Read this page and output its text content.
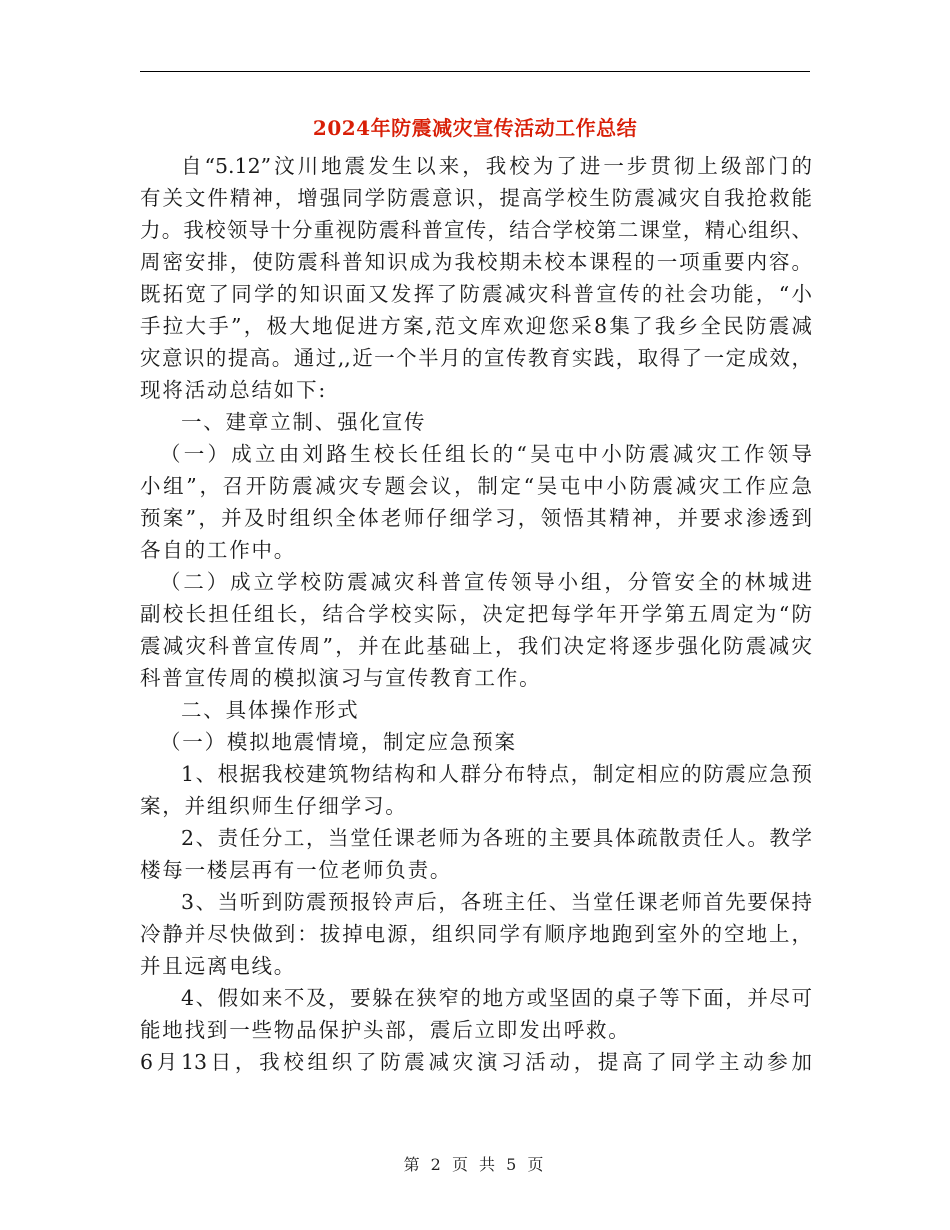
2024年防震减灾宣传活动工作总结
自“5.12”汶川地震发生以来，我校为了进一步贯彻上级部门的
有关文件精神，增强同学防震意识，提高学校生防震减灾自我抢救能
力。我校领导十分重视防震科普宣传，结合学校第二课堂，精心组织、
周密安排，使防震科普知识成为我校期未校本课程的一项重要内容。
既拓宽了同学的知识面又发挥了防震减灾科普宣传的社会功能，“小
手拉大手”，极大地促进方案,范文库欢迎您采8集了我乡全民防震减
灾意识的提高。通过,,近一个半月的宣传教育实践，取得了一定成效，
现将活动总结如下:
一、建章立制、强化宣传
（一）成立由刘路生校长任组长的“吴屯中小防震减灾工作领导
小组”，召开防震减灾专题会议，制定“吴屯中小防震减灾工作应急
预案”，并及时组织全体老师仔细学习，领悟其精神，并要求渗透到
各自的工作中。
（二）成立学校防震减灾科普宣传领导小组，分管安全的林城进
副校长担任组长，结合学校实际，决定把每学年开学第五周定为“防
震减灾科普宣传周”，并在此基础上，我们决定将逐步强化防震减灾
科普宣传周的模拟演习与宣传教育工作。
二、具体操作形式
（一）模拟地震情境，制定应急预案
1、根据我校建筑物结构和人群分布特点，制定相应的防震应急预
案，并组织师生仔细学习。
2、责任分工，当堂任课老师为各班的主要具体疏散责任人。教学
楼每一楼层再有一位老师负责。
3、当听到防震预报铃声后，各班主任、当堂任课老师首先要保持
冷静并尽快做到：拔掉电源，组织同学有顺序地跑到室外的空地上，
并且远离电线。
4、假如来不及，要躲在狭窄的地方或坚固的桌子等下面，并尽可
能地找到一些物品保护头部，震后立即发出呼救。
6月13日，我校组织了防震减灾演习活动，提高了同学主动参加
第 2 页 共 5 页
